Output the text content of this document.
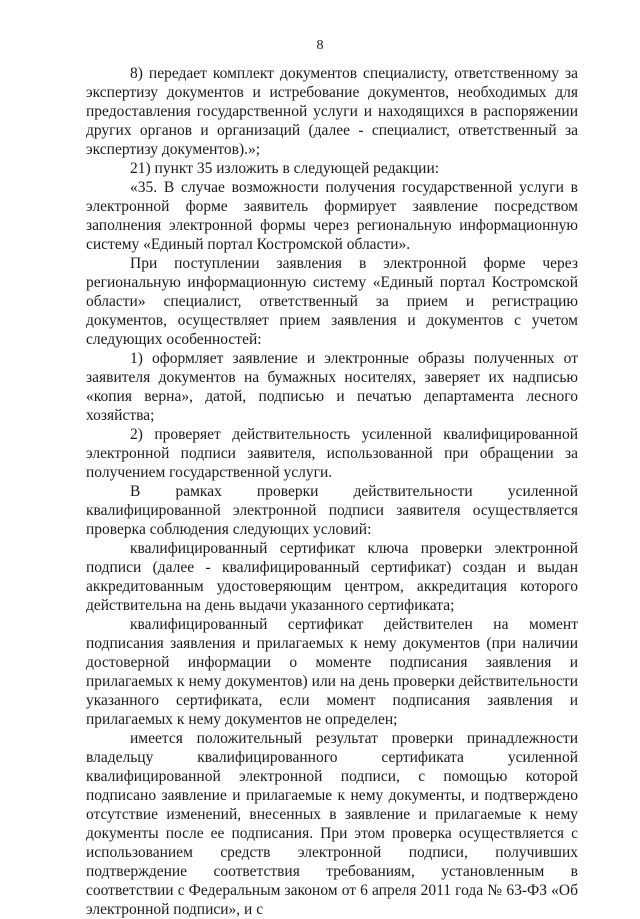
8

8) передает комплект документов специалисту, ответственному за экспертизу документов и истребование документов, необходимых для предоставления государственной услуги и находящихся в распоряжении других органов и организаций (далее - специалист, ответственный за экспертизу документов).»;

21) пункт 35 изложить в следующей редакции:

«35. В случае возможности получения государственной услуги в электронной форме заявитель формирует заявление посредством заполнения электронной формы через региональную информационную систему «Единый портал Костромской области».

При поступлении заявления в электронной форме через региональную информационную систему «Единый портал Костромской области» специалист, ответственный за прием и регистрацию документов, осуществляет прием заявления и документов с учетом следующих особенностей:

1) оформляет заявление и электронные образы полученных от заявителя документов на бумажных носителях, заверяет их надписью «копия верна», датой, подписью и печатью департамента лесного хозяйства;

2) проверяет действительность усиленной квалифицированной электронной подписи заявителя, использованной при обращении за получением государственной услуги.

В рамках проверки действительности усиленной квалифицированной электронной подписи заявителя осуществляется проверка соблюдения следующих условий:

квалифицированный сертификат ключа проверки электронной подписи (далее - квалифицированный сертификат) создан и выдан аккредитованным удостоверяющим центром, аккредитация которого действительна на день выдачи указанного сертификата;

квалифицированный сертификат действителен на момент подписания заявления и прилагаемых к нему документов (при наличии достоверной информации о моменте подписания заявления и прилагаемых к нему документов) или на день проверки действительности указанного сертификата, если момент подписания заявления и прилагаемых к нему документов не определен;

имеется положительный результат проверки принадлежности владельцу квалифицированного сертификата усиленной квалифицированной электронной подписи, с помощью которой подписано заявление и прилагаемые к нему документы, и подтверждено отсутствие изменений, внесенных в заявление и прилагаемые к нему документы после ее подписания. При этом проверка осуществляется с использованием средств электронной подписи, получивших подтверждение соответствия требованиям, установленным в соответствии с Федеральным законом от 6 апреля 2011 года № 63-ФЗ «Об электронной подписи», и с
